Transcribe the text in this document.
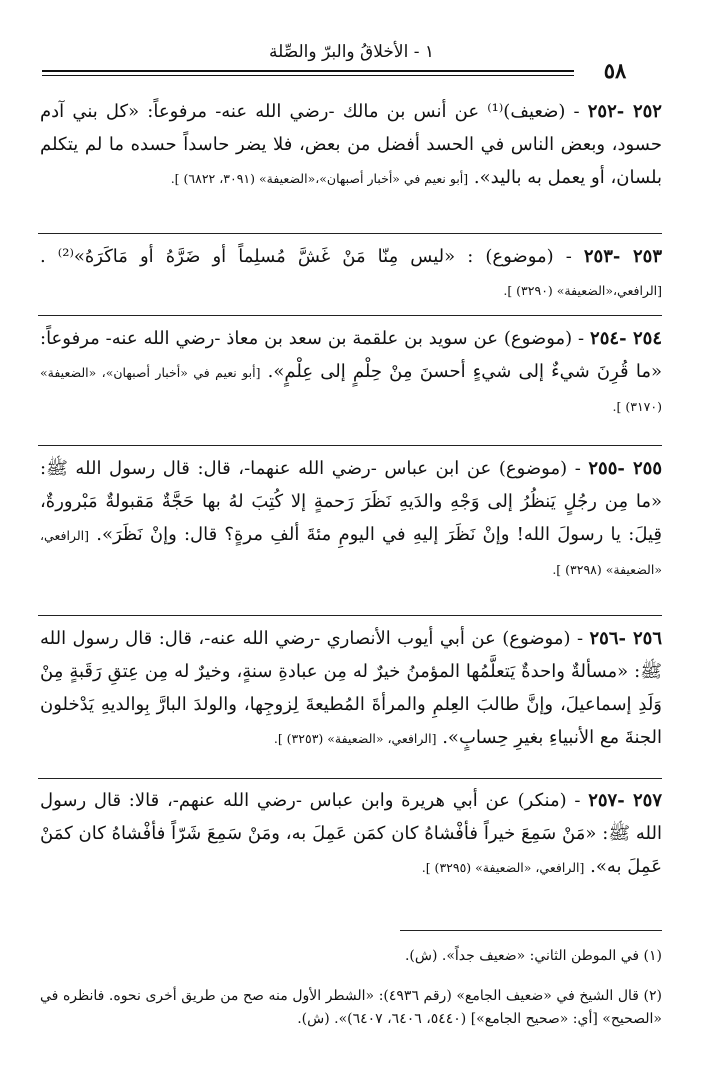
١ - الأخلاقُ والبرّ والصِّلة
٥٨

٢٥٢ -٢٥٢ - (ضعيف)⁽¹⁾ عن أنس بن مالك -رضي الله عنه- مرفوعاً: «كل بني آدم حسود، وبعض الناس في الحسد أفضل من بعض، فلا يضر حاسداً حسده ما لم يتكلم بلسان، أو يعمل به باليد». [أبو نعيم في «أخبار أصبهان»،«الضعيفة» (٣٠٩١، ٦٨٢٢) ].

٢٥٣ -٢٥٣ - (موضوع) : «ليس مِنّا مَنْ غَشَّ مُسلِماً أو ضَرَّهُ أو مَاكَرَهُ»⁽²⁾ . [الرافعي،«الضعيفة» (٣٢٩٠) ].

٢٥٤ -٢٥٤ - (موضوع) عن سويد بن علقمة بن سعد بن معاذ -رضي الله عنه- مرفوعاً: «ما قُرِنَ شيءٌ إلى شيءٍ أحسنَ مِنْ حِلْمٍ إلى عِلْمٍ». [أبو نعيم في «أخبار أصبهان»، «الضعيفة» (٣١٧٠) ].

٢٥٥ -٢٥٥ - (موضوع) عن ابن عباس -رضي الله عنهما-، قال: قال رسول الله ﷺ: «ما مِن رجُلٍ يَنظُرُ إلى وَجْهِ والدَيهِ نَظَرَ رَحمةٍ إلا كُتِبَ لهُ بها حَجَّةٌ مَقبولةٌ مَبْرورةٌ، قِيلَ: يا رسولَ الله! وإنْ نَظَرَ إليهِ في اليومِ مئةَ ألفِ مرةٍ؟ قال: وإنْ نَظَرَ». [الرافعي، «الضعيفة» (٣٢٩٨) ].

٢٥٦ -٢٥٦ - (موضوع) عن أبي أيوب الأنصاري -رضي الله عنه-، قال: قال رسول الله ﷺ: «مسألةٌ واحدةٌ يَتعلَّمُها المؤمنُ خيرٌ له مِن عبادةِ سنةٍ، وخيرٌ له مِن عِتقِ رَقَبةٍ مِنْ وَلَدِ إسماعيلَ، وإنَّ طالبَ العِلمِ والمرأةَ المُطيعةَ لِزوجِها، والولدَ البارَّ بِوالديهِ يَدْخلون الجنةَ مع الأنبياءِ بغيرِ حِسابٍ». [الرافعي، «الضعيفة» (٣٢٥٣) ].

٢٥٧ -٢٥٧ - (منكر) عن أبي هريرة وابن عباس -رضي الله عنهم-، قالا: قال رسول الله ﷺ: «مَنْ سَمِعَ خيراً فأفْشاهُ كان كمَن عَمِلَ به، ومَنْ سَمِعَ شَرّاً فأفْشاهُ كان كمَنْ عَمِلَ به». [الرافعي، «الضعيفة» (٣٢٩٥) ].

(١) في الموطن الثاني: «ضعيف جداً». (ش).

(٢) قال الشيخ في «ضعيف الجامع» (رقم ٤٩٣٦): «الشطر الأول منه صح من طريق أخرى نحوه. فانظره في «الصحيح» [أي: «صحيح الجامع»] (٥٤٤٠، ٦٤٠٦، ٦٤٠٧)». (ش).
